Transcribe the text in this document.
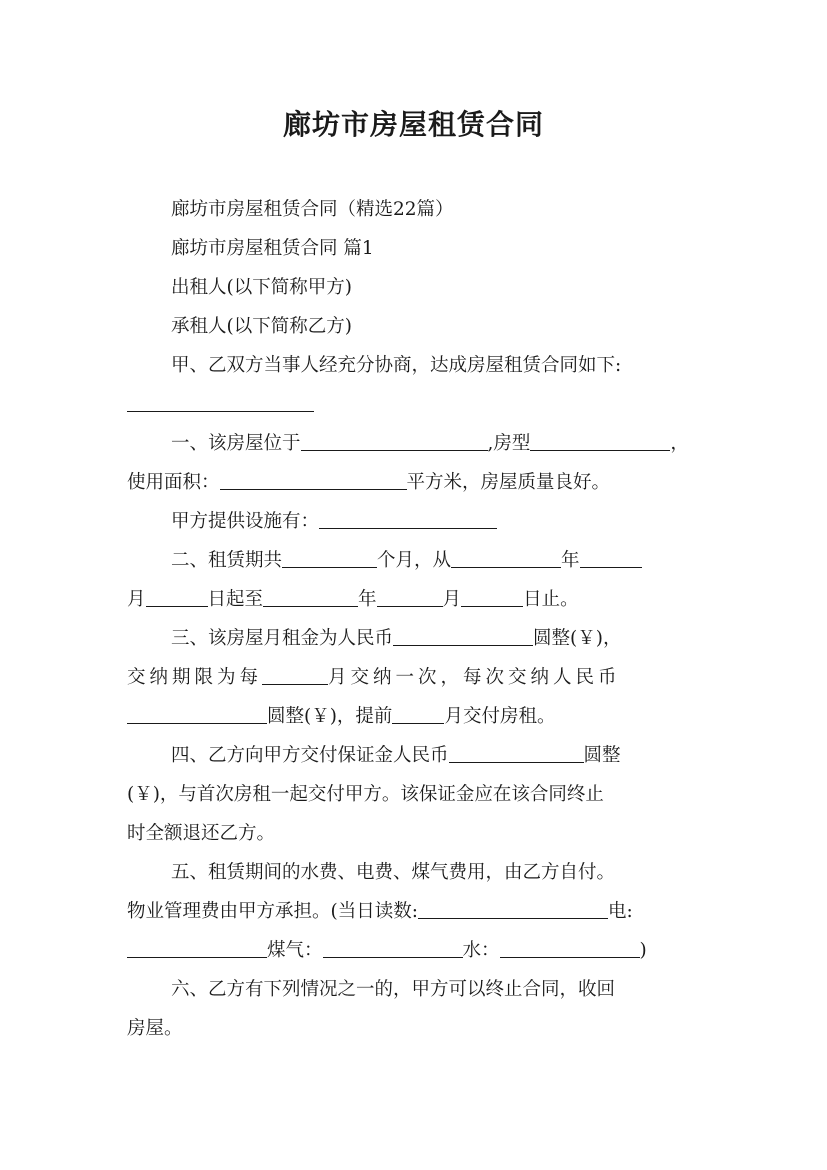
廊坊市房屋租赁合同
廊坊市房屋租赁合同（精选22篇）
廊坊市房屋租赁合同 篇1
出租人(以下简称甲方)
承租人(以下简称乙方)
甲、乙双方当事人经充分协商，达成房屋租赁合同如下:
一、该房屋位于	,房型	，
使用面积：	平方米，房屋质量良好。
甲方提供设施有：
二、租赁期共	个月，从	年
月	日起至	年	月	日止。
三、该房屋月租金为人民币	圆整(￥)，
交纳期限为每	月交纳一次，每次交纳人民币
圆整(￥)，提前	月交付房租。
四、乙方向甲方交付保证金人民币	圆整
(￥)，与首次房租一起交付甲方。该保证金应在该合同终止
时全额退还乙方。
五、租赁期间的水费、电费、煤气费用，由乙方自付。
物业管理费由甲方承担。(当日读数:	电:
煤气：	水：	)
六、乙方有下列情况之一的，甲方可以终止合同，收回
房屋。
